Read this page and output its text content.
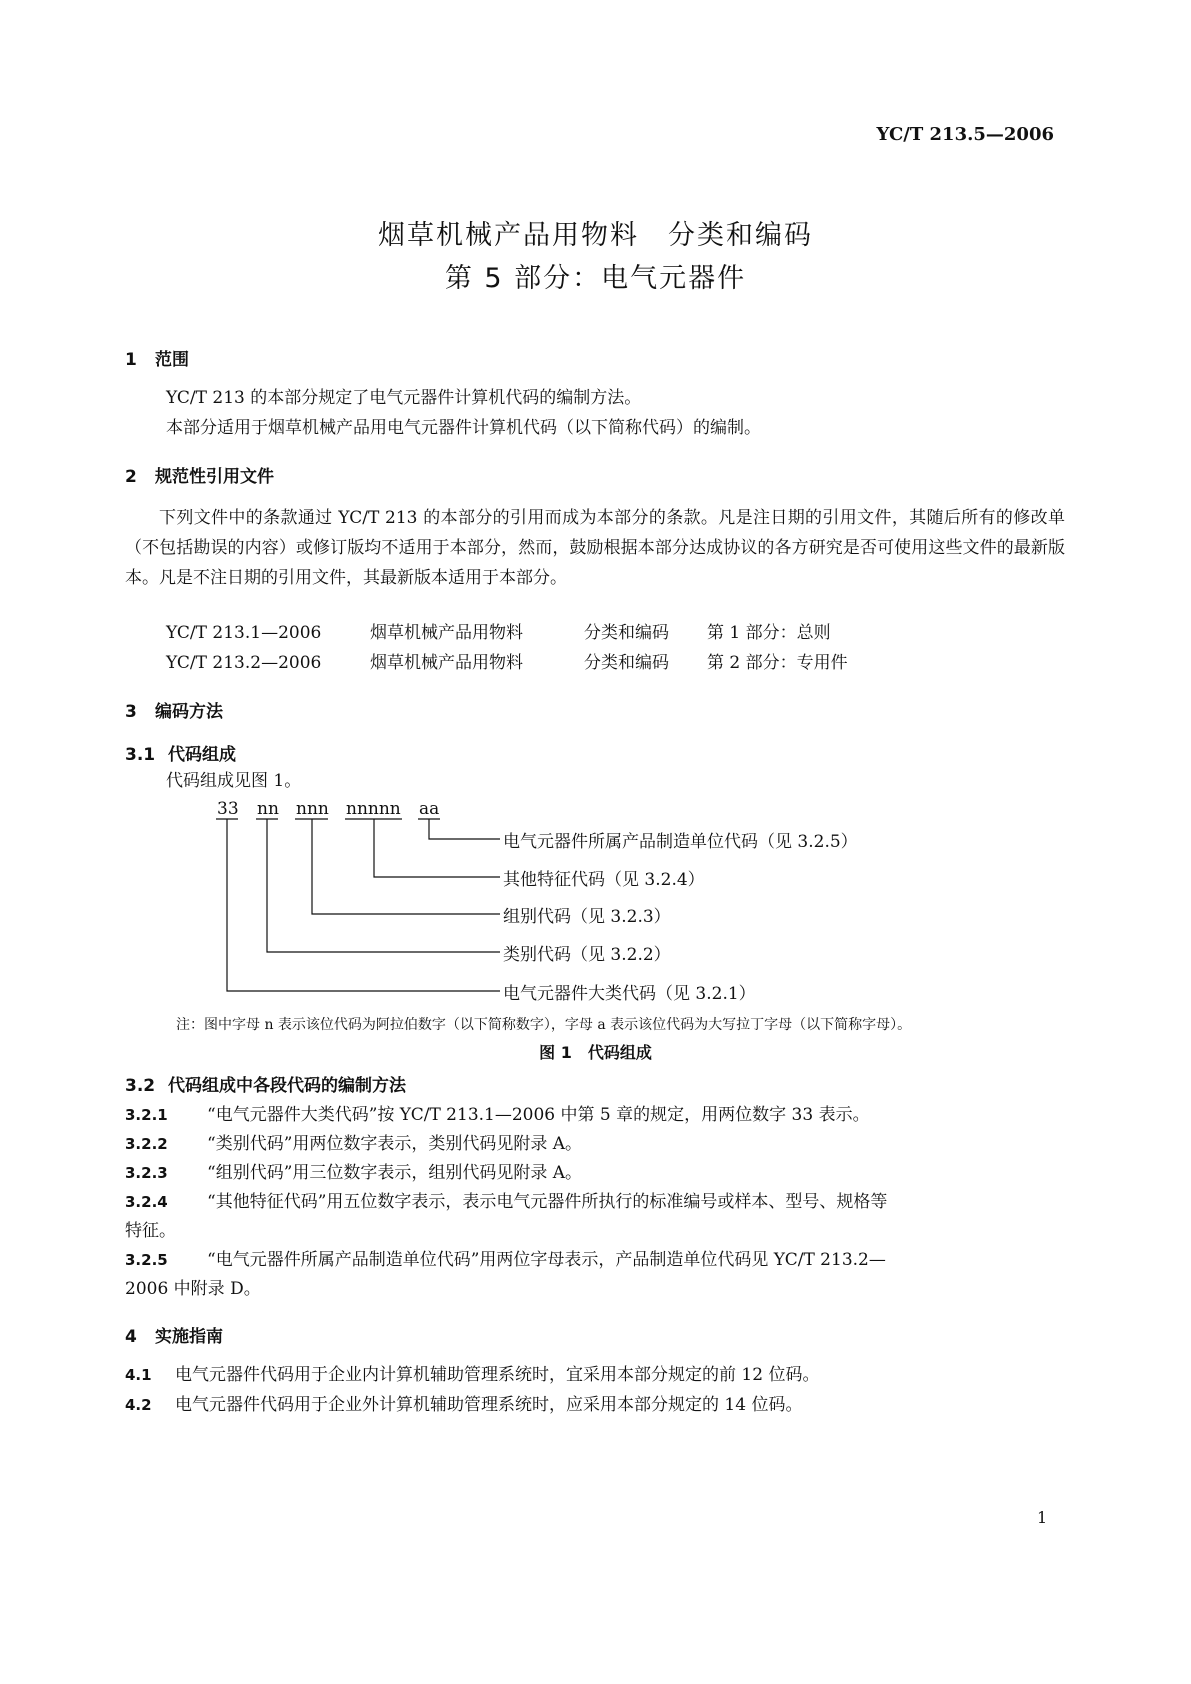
YC/T 213.5—2006
烟草机械产品用物料　分类和编码
第 5 部分：电气元器件
1 范围
YC/T 213 的本部分规定了电气元器件计算机代码的编制方法。
本部分适用于烟草机械产品用电气元器件计算机代码（以下简称代码）的编制。
2 规范性引用文件
下列文件中的条款通过 YC/T 213 的本部分的引用而成为本部分的条款。凡是注日期的引用文件，其随后所有的修改单（不包括勘误的内容）或修订版均不适用于本部分，然而，鼓励根据本部分达成协议的各方研究是否可使用这些文件的最新版本。凡是不注日期的引用文件，其最新版本适用于本部分。
YC/T 213.1—2006	烟草机械产品用物料	分类和编码 第 1 部分：总则
YC/T 213.2—2006	烟草机械产品用物料	分类和编码 第 2 部分：专用件
3 编码方法
3.1 代码组成
代码组成见图 1。
33 nn nnn nnnnn aa
电气元器件所属产品制造单位代码（见 3.2.5）
其他特征代码（见 3.2.4）
组别代码（见 3.2.3）
类别代码（见 3.2.2）
电气元器件大类代码（见 3.2.1）
注：图中字母 n 表示该位代码为阿拉伯数字（以下简称数字），字母 a 表示该位代码为大写拉丁字母（以下简称字母）。
图 1　代码组成
3.2 代码组成中各段代码的编制方法
3.2.1 “电气元器件大类代码”按 YC/T 213.1—2006 中第 5 章的规定，用两位数字 33 表示。
3.2.2 “类别代码”用两位数字表示，类别代码见附录 A。
3.2.3 “组别代码”用三位数字表示，组别代码见附录 A。
3.2.4 “其他特征代码”用五位数字表示，表示电气元器件所执行的标准编号或样本、型号、规格等
特征。
3.2.5 “电气元器件所属产品制造单位代码”用两位字母表示，产品制造单位代码见 YC/T 213.2—
2006 中附录 D。
4 实施指南
4.1 电气元器件代码用于企业内计算机辅助管理系统时，宜采用本部分规定的前 12 位码。
4.2 电气元器件代码用于企业外计算机辅助管理系统时，应采用本部分规定的 14 位码。
1
